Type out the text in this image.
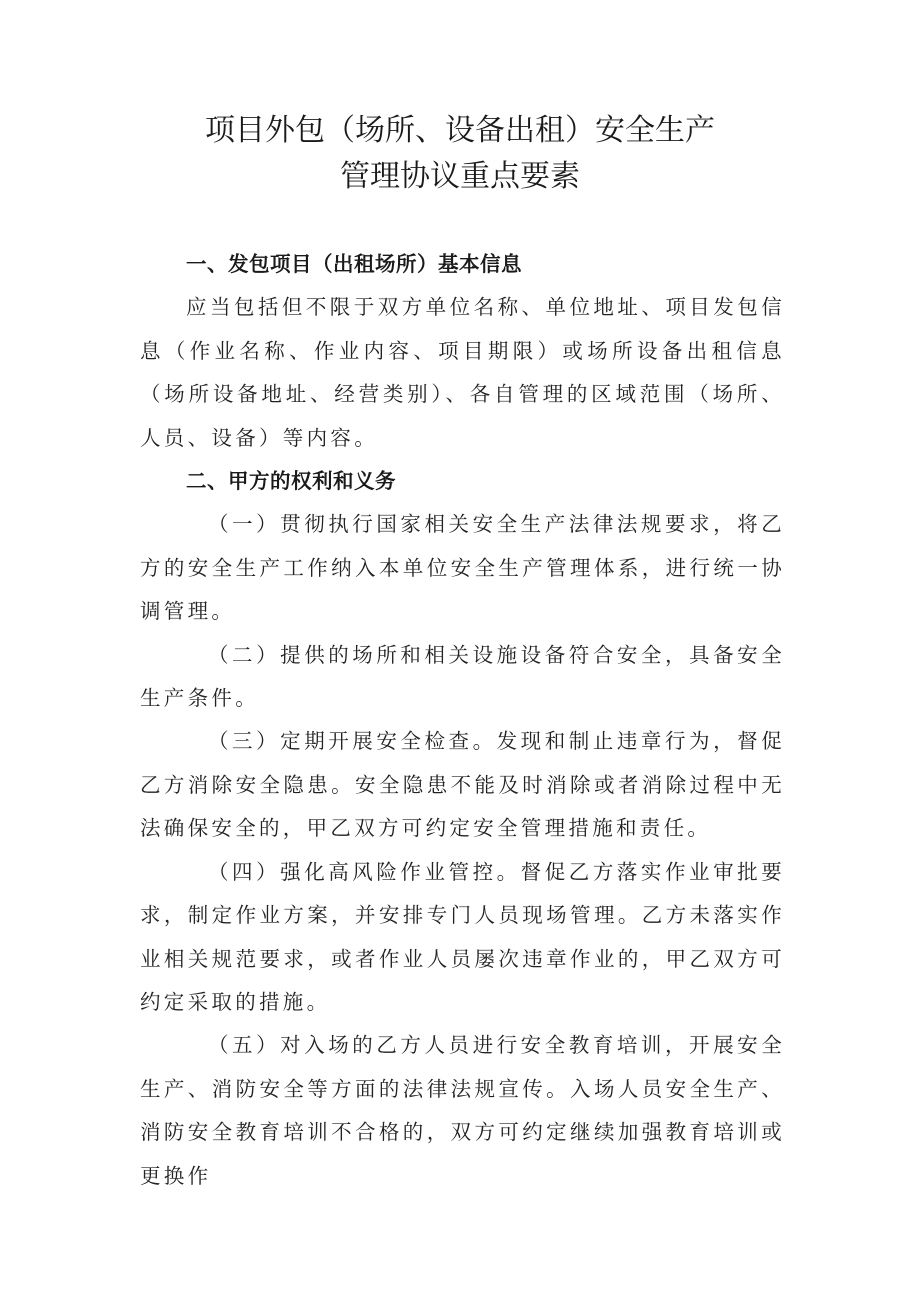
项目外包（场所、设备出租）安全生产
管理协议重点要素
一、发包项目（出租场所）基本信息

应当包括但不限于双方单位名称、单位地址、项目发包信息（作业名称、作业内容、项目期限）或场所设备出租信息（场所设备地址、经营类别）、各自管理的区域范围（场所、人员、设备）等内容。

二、甲方的权利和义务

（一）贯彻执行国家相关安全生产法律法规要求，将乙方的安全生产工作纳入本单位安全生产管理体系，进行统一协调管理。

（二）提供的场所和相关设施设备符合安全，具备安全生产条件。

（三）定期开展安全检查。发现和制止违章行为，督促乙方消除安全隐患。安全隐患不能及时消除或者消除过程中无法确保安全的，甲乙双方可约定安全管理措施和责任。

（四）强化高风险作业管控。督促乙方落实作业审批要求，制定作业方案，并安排专门人员现场管理。乙方未落实作业相关规范要求，或者作业人员屡次违章作业的，甲乙双方可约定采取的措施。

（五）对入场的乙方人员进行安全教育培训，开展安全生产、消防安全等方面的法律法规宣传。入场人员安全生产、消防安全教育培训不合格的，双方可约定继续加强教育培训或更换作
